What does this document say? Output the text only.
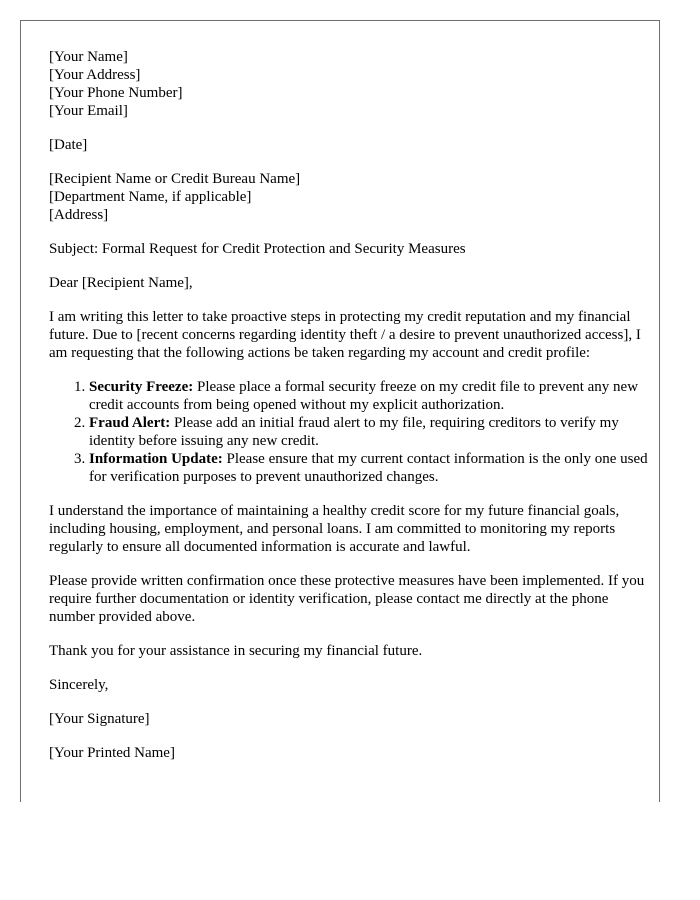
[Your Name]
[Your Address]
[Your Phone Number]
[Your Email]

[Date]

[Recipient Name or Credit Bureau Name]
[Department Name, if applicable]
[Address]

Subject: Formal Request for Credit Protection and Security Measures

Dear [Recipient Name],

I am writing this letter to take proactive steps in protecting my credit reputation and my financial future. Due to [recent concerns regarding identity theft / a desire to prevent unauthorized access], I am requesting that the following actions be taken regarding my account and credit profile:

1. Security Freeze: Please place a formal security freeze on my credit file to prevent any new credit accounts from being opened without my explicit authorization.
2. Fraud Alert: Please add an initial fraud alert to my file, requiring creditors to verify my identity before issuing any new credit.
3. Information Update: Please ensure that my current contact information is the only one used for verification purposes to prevent unauthorized changes.

I understand the importance of maintaining a healthy credit score for my future financial goals, including housing, employment, and personal loans. I am committed to monitoring my reports regularly to ensure all documented information is accurate and lawful.

Please provide written confirmation once these protective measures have been implemented. If you require further documentation or identity verification, please contact me directly at the phone number provided above.

Thank you for your assistance in securing my financial future.

Sincerely,

[Your Signature]

[Your Printed Name]
